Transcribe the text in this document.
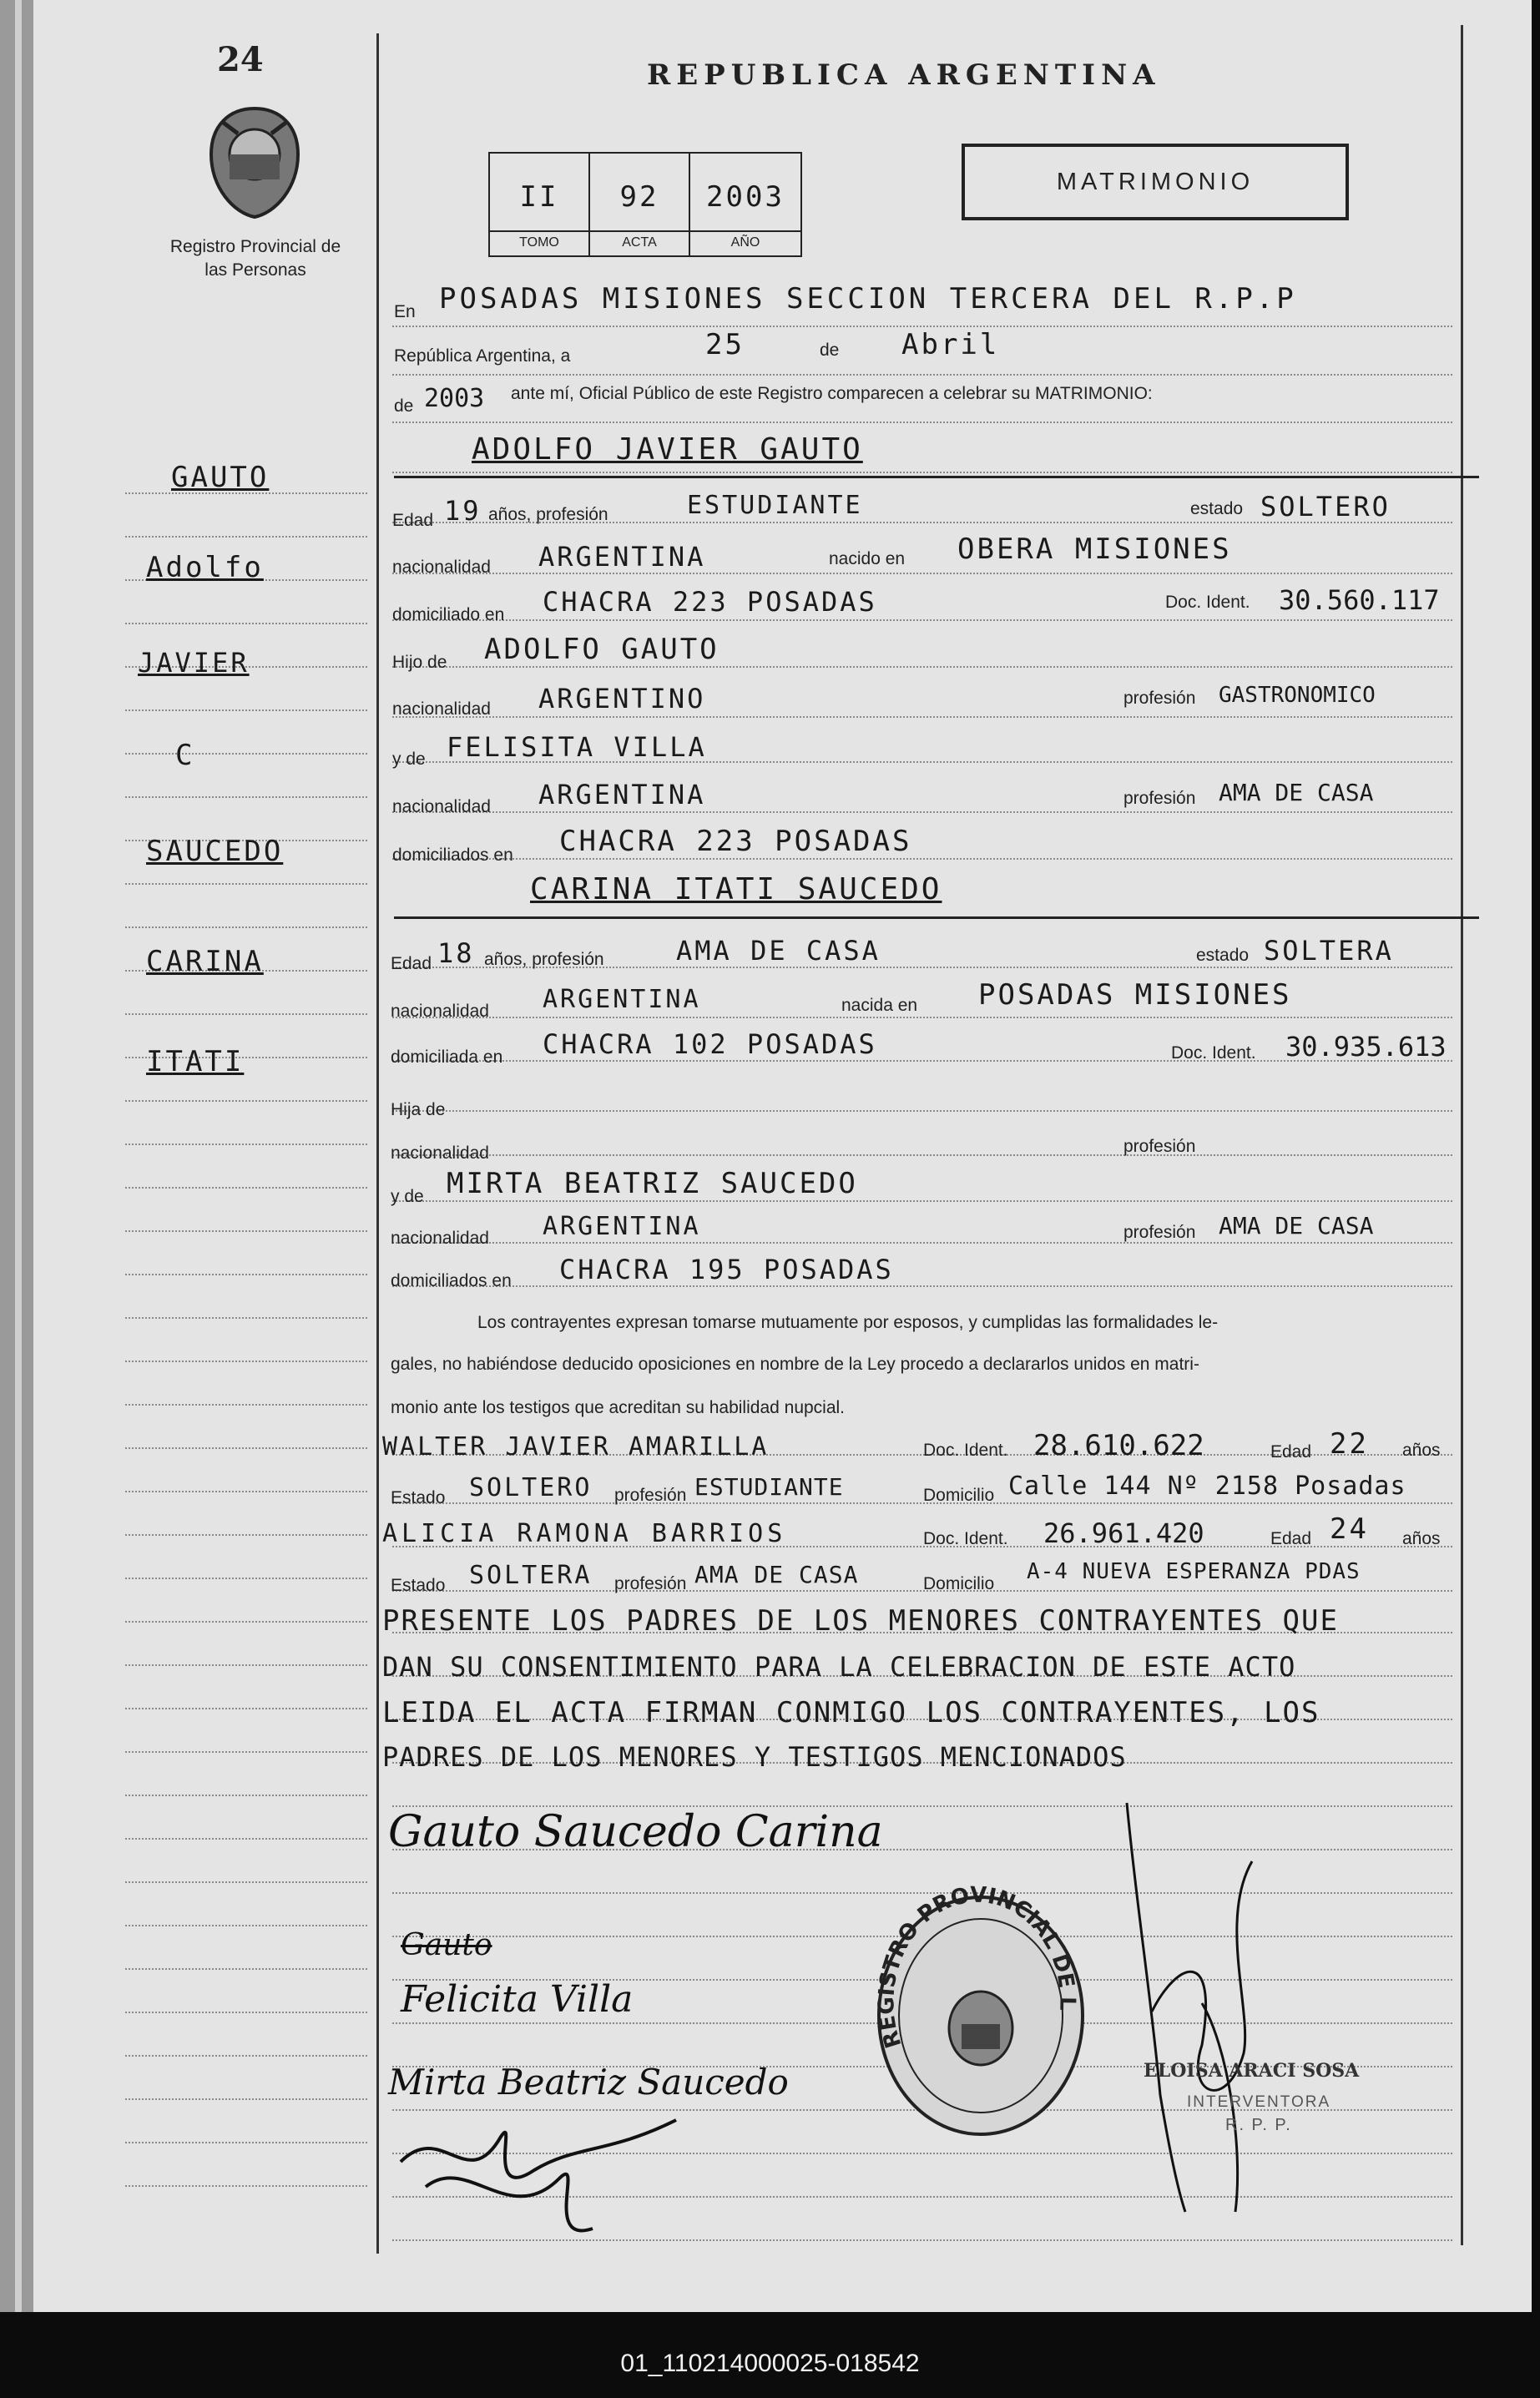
24
Registro Provincial de las Personas
REPUBLICA ARGENTINA
II
TOMO
92
ACTA
2003
AÑO
MATRIMONIO
GAUTO
Adolfo
JAVIER
C
SAUCEDO
CARINA
ITATI
En POSADAS MISIONES SECCION TERCERA DEL R.P.P
República Argentina, a	25	de Abril
de 2003 ante mí, Oficial Público de este Registro comparecen a celebrar su MATRIMONIO:
ADOLFO JAVIER GAUTO
Edad 19 años, profesión	ESTUDIANTE	estado SOLTERO
nacionalidad ARGENTINA	nacido en OBERA MISIONES
domiciliado en CHACRA 223 POSADAS	Doc. Ident. 30.560.117
Hijo de ADOLFO GAUTO
nacionalidad ARGENTINO	profesión GASTRONOMICO
y de FELISITA VILLA
nacionalidad ARGENTINA	profesión AMA DE CASA
domiciliados en CHACRA 223 POSADAS
CARINA ITATI SAUCEDO
Edad 18 años, profesión	AMA DE CASA	estado SOLTERA
nacionalidad ARGENTINA	nacida en POSADAS MISIONES
domiciliada en CHACRA 102 POSADAS	Doc. Ident. 30.935.613
Hija de
nacionalidad	profesión
y de MIRTA BEATRIZ SAUCEDO
nacionalidad ARGENTINA	profesión AMA DE CASA
domiciliados en CHACRA 195 POSADAS
Los contrayentes expresan tomarse mutuamente por esposos, y cumplidas las formalidades le-
gales, no habiéndose deducido oposiciones en nombre de la Ley procedo a declararlos unidos en matri-
monio ante los testigos que acreditan su habilidad nupcial.
WALTER JAVIER AMARILLA	Doc. Ident. 28.610.622	Edad 22 años
Estado SOLTERO profesión ESTUDIANTE	Domicilio Calle 144 Nº 2158 Posadas
ALICIA RAMONA BARRIOS	Doc. Ident. 26.961.420	Edad 24 años
Estado SOLTERA profesión AMA DE CASA	Domicilio A-4 NUEVA ESPERANZA PDAS
PRESENTE LOS PADRES DE LOS MENORES CONTRAYENTES QUE
DAN SU CONSENTIMIENTO PARA LA CELEBRACION DE ESTE ACTO
LEIDA EL ACTA FIRMAN CONMIGO LOS CONTRAYENTES, LOS
PADRES DE LOS MENORES Y TESTIGOS MENCIONADOS
Gauto Saucedo Carina
Gauto
Felicita Villa
Mirta Beatriz Saucedo
REGISTRO PROVINCIAL DE LAS PERSONAS
ELOISA ARACI SOSA
INTERVENTORA
R. P. P.
01_110214000025-018542
